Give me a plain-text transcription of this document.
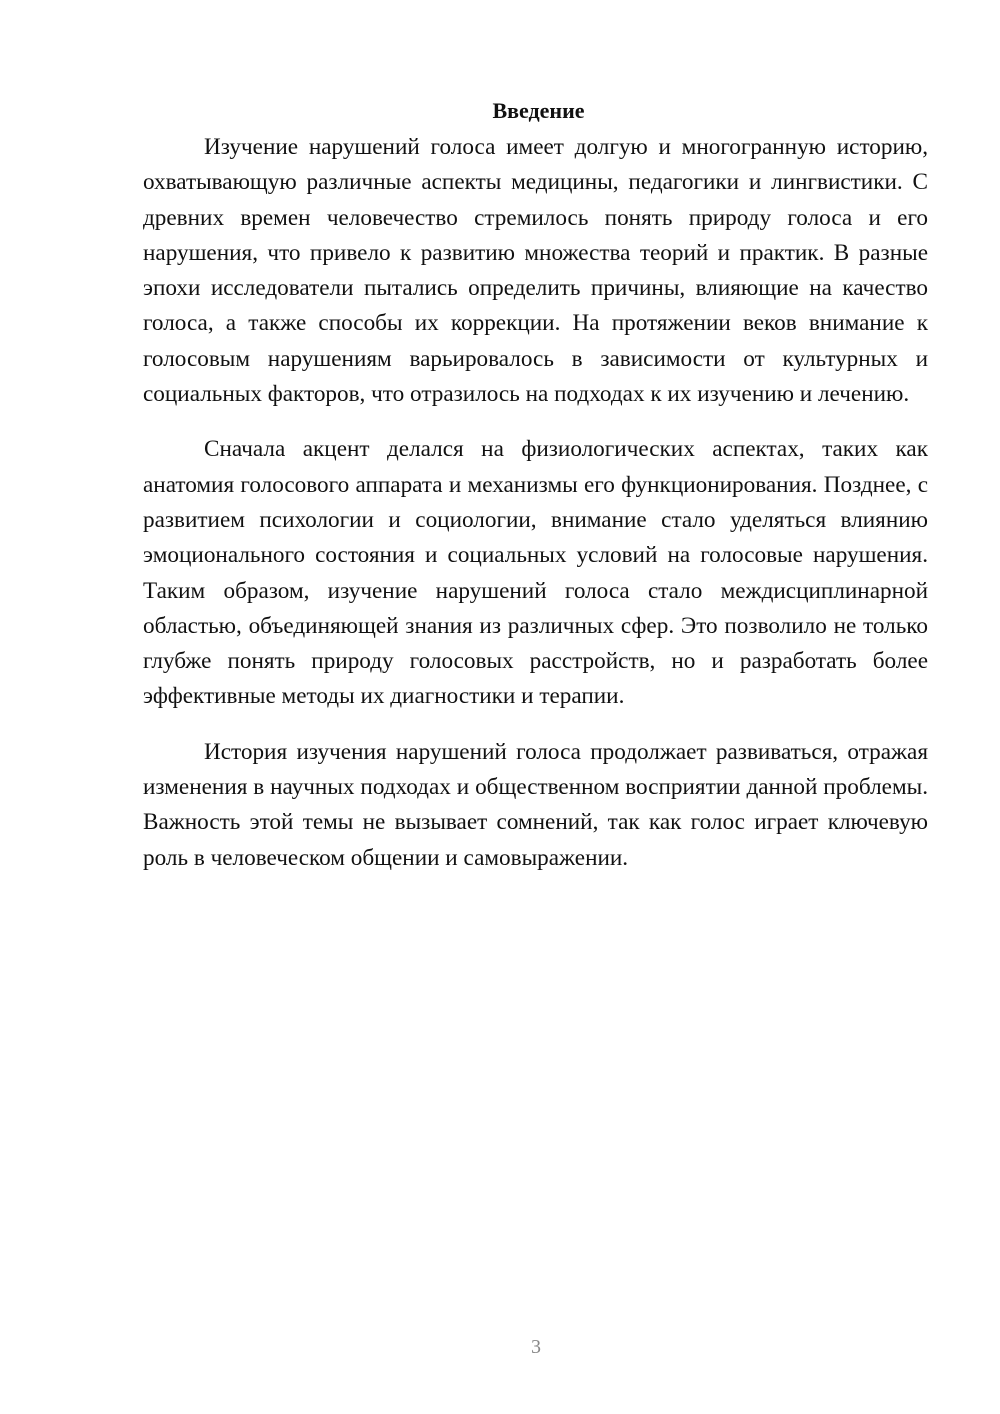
Введение

Изучение нарушений голоса имеет долгую и многогранную историю, охватывающую различные аспекты медицины, педагогики и лингвистики. С древних времен человечество стремилось понять природу голоса и его нарушения, что привело к развитию множества теорий и практик. В разные эпохи исследователи пытались определить причины, влияющие на качество голоса, а также способы их коррекции. На протяжении веков внимание к голосовым нарушениям варьировалось в зависимости от культурных и социальных факторов, что отразилось на подходах к их изучению и лечению.

Сначала акцент делался на физиологических аспектах, таких как анатомия голосового аппарата и механизмы его функционирования. Позднее, с развитием психологии и социологии, внимание стало уделяться влиянию эмоционального состояния и социальных условий на голосовые нарушения. Таким образом, изучение нарушений голоса стало междисциплинарной областью, объединяющей знания из различных сфер. Это позволило не только глубже понять природу голосовых расстройств, но и разработать более эффективные методы их диагностики и терапии.

История изучения нарушений голоса продолжает развиваться, отражая изменения в научных подходах и общественном восприятии данной проблемы. Важность этой темы не вызывает сомнений, так как голос играет ключевую роль в человеческом общении и самовыражении.

3
